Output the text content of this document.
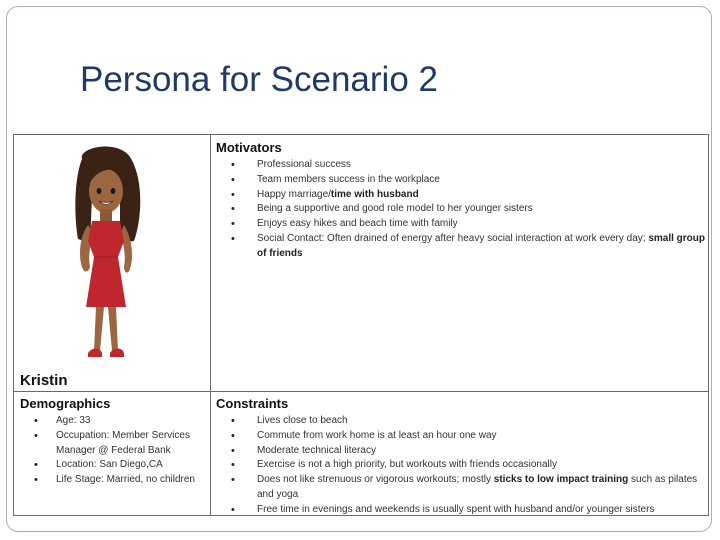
Persona for Scenario 2
Kristin
Motivators
• Professional success
• Team members success in the workplace
• Happy marriage/time with husband
• Being a supportive and good role model to her younger sisters
• Enjoys easy hikes and beach time with family
• Social Contact: Often drained of energy after heavy social interaction at work every day; small group of friends
Demographics
• Age: 33
• Occupation: Member Services Manager @ Federal Bank
• Location: San Diego,CA
• Life Stage: Married, no children
Constraints
• Lives close to beach
• Commute from work home is at least an hour one way
• Moderate technical literacy
• Exercise is not a high priority, but workouts with friends occasionally
• Does not like strenuous or vigorous workouts; mostly sticks to low impact training such as pilates and yoga
• Free time in evenings and weekends is usually spent with husband and/or younger sisters
